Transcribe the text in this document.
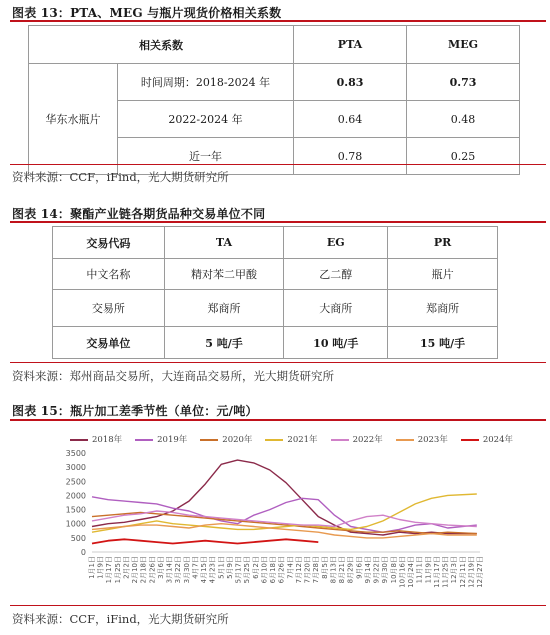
图表 13：PTA、MEG 与瓶片现货价格相关系数
相关系数		PTA	MEG
华东水瓶片	时间周期：2018-2024 年	0.83	0.73
	2022-2024 年	0.64	0.48
	近一年	0.78	0.25
资料来源：CCF，iFind，光大期货研究所
图表 14：聚酯产业链各期货品种交易单位不同
交易代码	TA	EG	PR
中文名称	精对苯二甲酸	乙二醇	瓶片
交易所	郑商所	大商所	郑商所
交易单位	5 吨/手	10 吨/手	15 吨/手
资料来源：郑州商品交易所，大连商品交易所，光大期货研究所
图表 15：瓶片加工差季节性（单位：元/吨）
2018年	2019年	2020年	2021年	2022年	2023年	2024年
0
500
1000
1500
2000
2500
3000
3500
1月1日 1月9日 1月17日 1月25日 2月2日 2月10日 2月18日 2月26日 3月6日 3月14日 3月22日 3月30日 4月7日 4月15日 4月23日 5月1日 5月9日 5月17日 5月25日 6月2日 6月10日 6月18日 6月26日 7月4日 7月12日 7月20日 7月28日 8月5日 8月13日 8月21日 8月29日 9月6日 9月14日 9月22日 9月30日 10月8日 10月16日 10月24日 11月1日 11月9日 11月17日 11月25日 12月3日 12月11日 12月19日 12月27日
资料来源：CCF，iFind，光大期货研究所
